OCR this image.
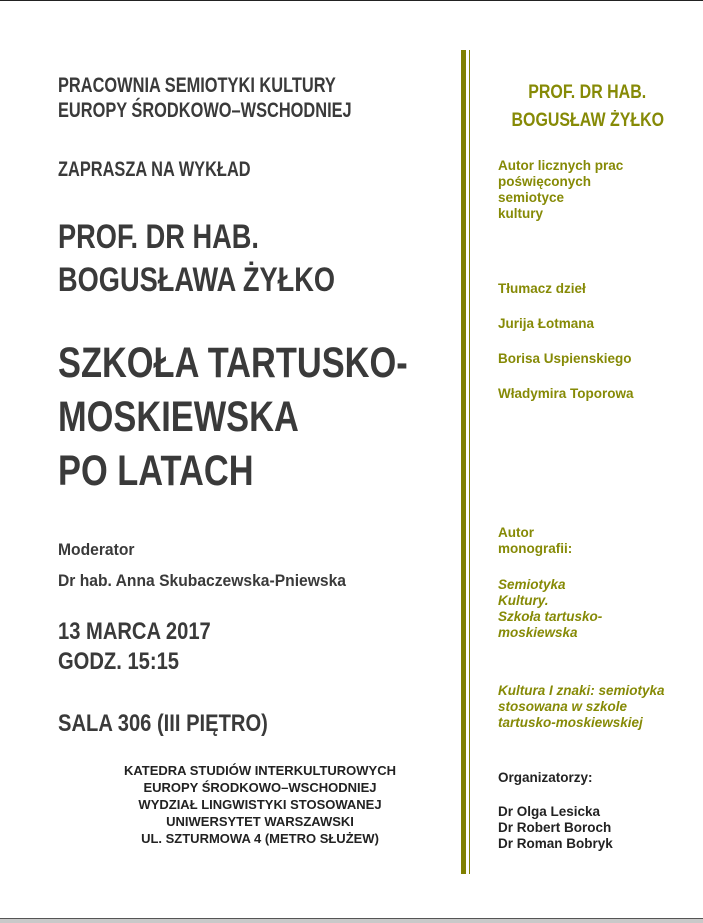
PRACOWNIA SEMIOTYKI KULTURY
EUROPY ŚRODKOWO–WSCHODNIEJ
ZAPRASZA NA WYKŁAD
PROF. DR HAB.
BOGUSŁAWA ŻYŁKO
SZKOŁA TARTUSKO-
MOSKIEWSKA
PO LATACH
Moderator
Dr hab. Anna Skubaczewska-Pniewska
13 MARCA 2017
GODZ. 15:15
SALA 306 (III PIĘTRO)
KATEDRA STUDIÓW INTERKULTUROWYCH
EUROPY ŚRODKOWO–WSCHODNIEJ
WYDZIAŁ LINGWISTYKI STOSOWANEJ
UNIWERSYTET WARSZAWSKI
UL. SZTURMOWA 4 (METRO SŁUŻEW)
PROF. DR HAB.
BOGUSŁAW ŻYŁKO
Autor licznych prac
poświęconych
semiotyce
kultury
Tłumacz dzieł
Jurija Łotmana
Borisa Uspienskiego
Władymira Toporowa
Autor
monografii:
Semiotyka
Kultury.
Szkoła tartusko-
moskiewska
Kultura I znaki: semiotyka
stosowana w szkole
tartusko-moskiewskiej
Organizatorzy:
Dr Olga Lesicka
Dr Robert Boroch
Dr Roman Bobryk
